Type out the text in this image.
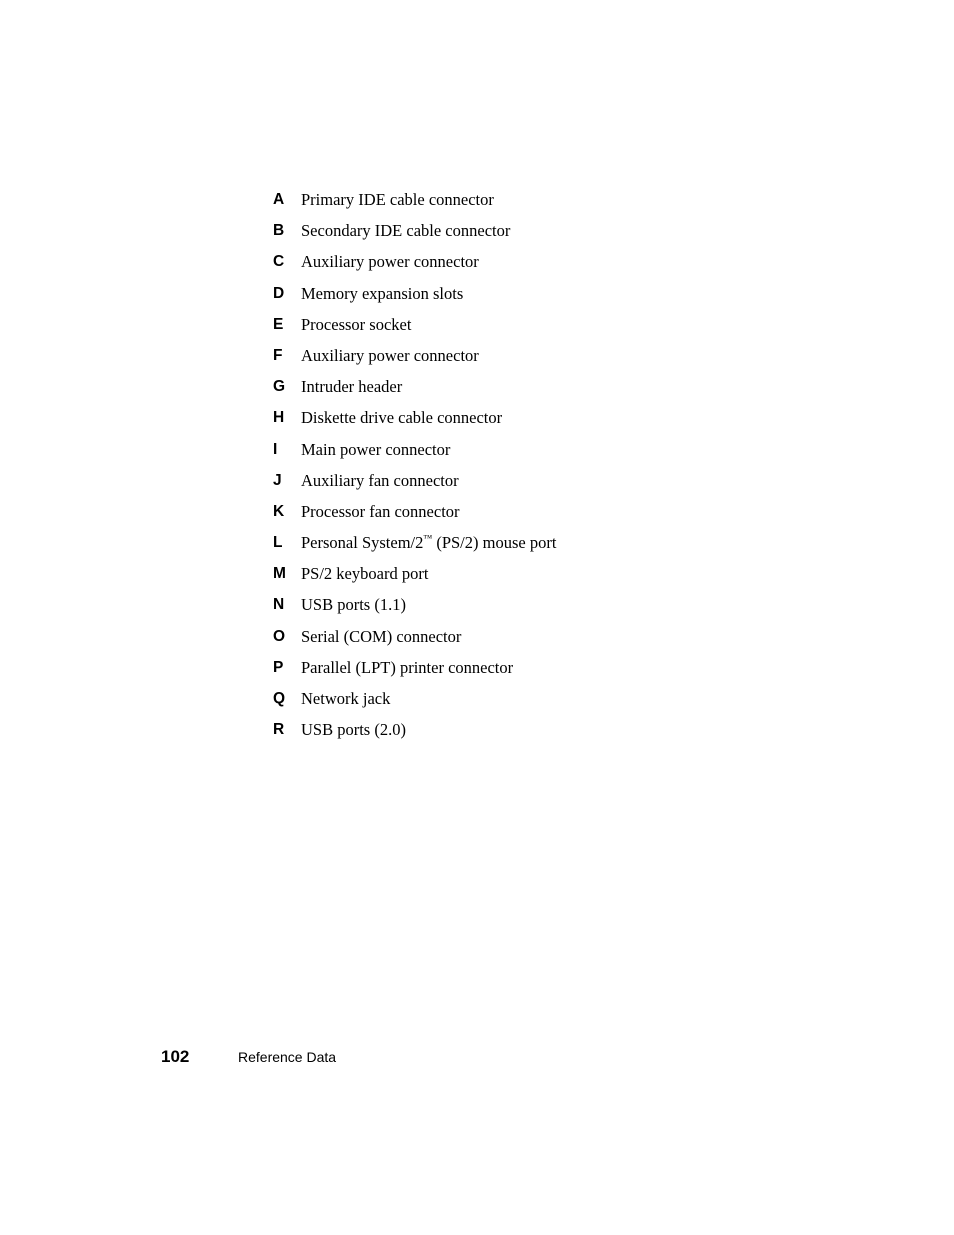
A	Primary IDE cable connector
B	Secondary IDE cable connector
C	Auxiliary power connector
D	Memory expansion slots
E	Processor socket
F	Auxiliary power connector
G Intruder header
H	Diskette drive cable connector
I	Main power connector
J	Auxiliary fan connector
K	Processor fan connector
L	Personal System/2™ (PS/2) mouse port
M PS/2 keyboard port
N	USB ports (1.1)
O Serial (COM) connector
P	Parallel (LPT) printer connector
Q Network jack
R	USB ports (2.0)
102	Reference Data
